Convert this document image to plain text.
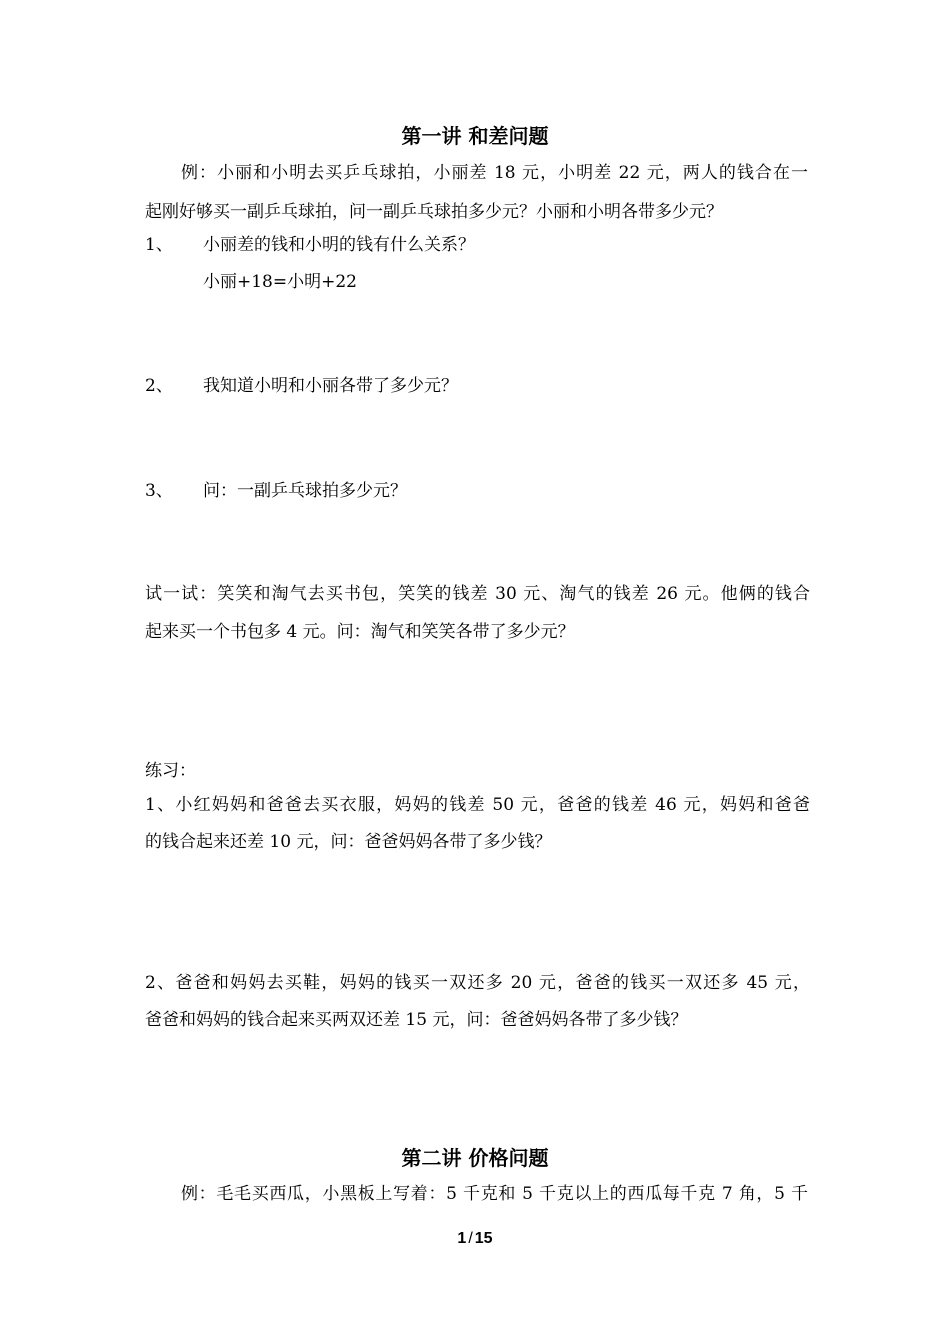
第一讲 和差问题
例：小丽和小明去买乒乓球拍，小丽差 18 元，小明差 22 元，两人的钱合在一
起刚好够买一副乒乓球拍，问一副乒乓球拍多少元？小丽和小明各带多少元？
1、 小丽差的钱和小明的钱有什么关系？
小丽+18=小明+22
2、 我知道小明和小丽各带了多少元？
3、 问：一副乒乓球拍多少元？
试一试：笑笑和淘气去买书包，笑笑的钱差 30 元、淘气的钱差 26 元。他俩的钱合
起来买一个书包多 4 元。问：淘气和笑笑各带了多少元？
练习：
1、小红妈妈和爸爸去买衣服，妈妈的钱差 50 元，爸爸的钱差 46 元，妈妈和爸爸
的钱合起来还差 10 元，问：爸爸妈妈各带了多少钱？
2、爸爸和妈妈去买鞋，妈妈的钱买一双还多 20 元，爸爸的钱买一双还多 45 元，
爸爸和妈妈的钱合起来买两双还差 15 元，问：爸爸妈妈各带了多少钱？
第二讲 价格问题
例：毛毛买西瓜，小黑板上写着：5 千克和 5 千克以上的西瓜每千克 7 角，5 千
1 / 15
